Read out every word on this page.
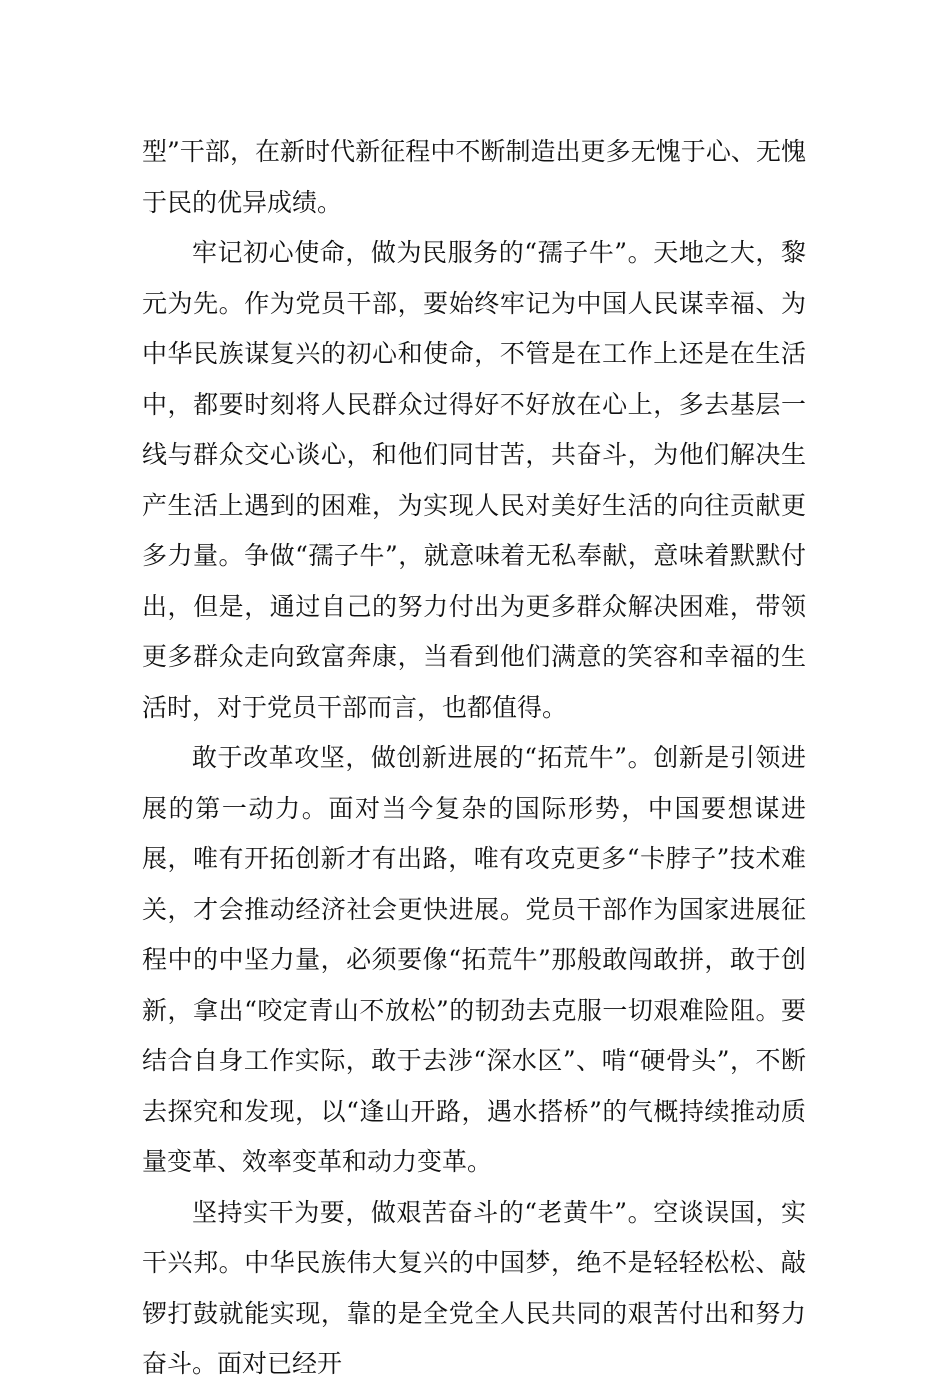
型”干部，在新时代新征程中不断制造出更多无愧于心、无愧于民的优异成绩。

牢记初心使命，做为民服务的“孺子牛”。天地之大，黎元为先。作为党员干部，要始终牢记为中国人民谋幸福、为中华民族谋复兴的初心和使命，不管是在工作上还是在生活中，都要时刻将人民群众过得好不好放在心上，多去基层一线与群众交心谈心，和他们同甘苦，共奋斗，为他们解决生产生活上遇到的困难，为实现人民对美好生活的向往贡献更多力量。争做“孺子牛”，就意味着无私奉献，意味着默默付出，但是，通过自己的努力付出为更多群众解决困难，带领更多群众走向致富奔康，当看到他们满意的笑容和幸福的生活时，对于党员干部而言，也都值得。

敢于改革攻坚，做创新进展的“拓荒牛”。创新是引领进展的第一动力。面对当今复杂的国际形势，中国要想谋进展，唯有开拓创新才有出路，唯有攻克更多“卡脖子”技术难关，才会推动经济社会更快进展。党员干部作为国家进展征程中的中坚力量，必须要像“拓荒牛”那般敢闯敢拼，敢于创新，拿出“咬定青山不放松”的韧劲去克服一切艰难险阻。要结合自身工作实际，敢于去涉“深水区”、啃“硬骨头”，不断去探究和发现，以“逢山开路，遇水搭桥”的气概持续推动质量变革、效率变革和动力变革。

坚持实干为要，做艰苦奋斗的“老黄牛”。空谈误国，实干兴邦。中华民族伟大复兴的中国梦，绝不是轻轻松松、敲锣打鼓就能实现，靠的是全党全人民共同的艰苦付出和努力奋斗。面对已经开
